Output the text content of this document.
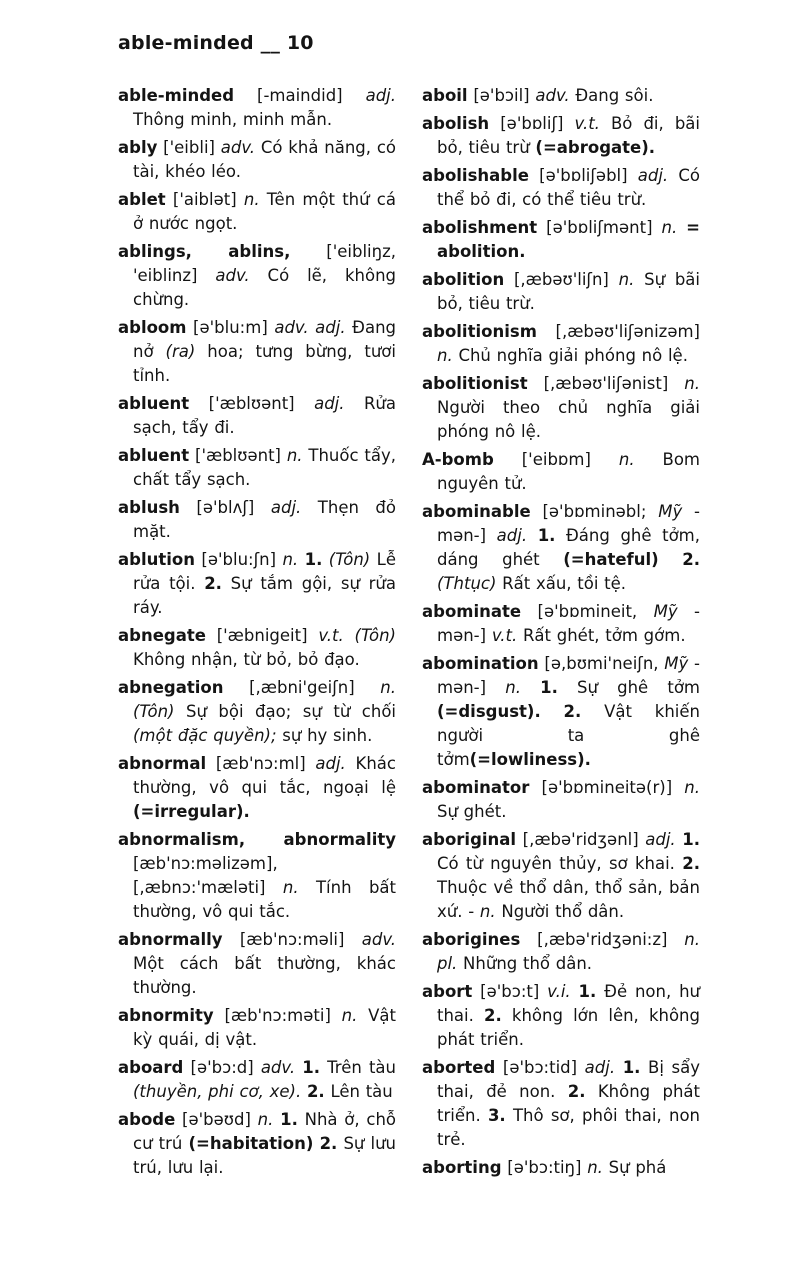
able-minded __ 10
able-minded [-maindid] adj. Thông minh, minh mẫn.
ably ['eibli] adv. Có khả năng, có tài, khéo léo.
ablet ['aiblət] n. Tên một thứ cá ở nước ngọt.
ablings, ablins, ['eibliŋz, 'eiblinz] adv. Có lẽ, không chừng.
abloom [ə'blu:m] adv. adj. Đang nở (ra) hoa; tưng bừng, tươi tỉnh.
abluent ['æblʊənt] adj. Rửa sạch, tẩy đi.
abluent ['æblʊənt] n. Thuốc tẩy, chất tẩy sạch.
ablush [ə'blʌʃ] adj. Thẹn đỏ mặt.
ablution [ə'blu:ʃn] n. 1. (Tôn) Lễ rửa tội. 2. Sự tắm gội, sự rửa ráy.
abnegate ['æbnigeit] v.t. (Tôn) Không nhận, từ bỏ, bỏ đạo.
abnegation [,æbni'geiʃn] n. (Tôn) Sự bội đạo; sự từ chối (một đặc quyền); sự hy sinh.
abnormal [æb'nɔ:ml] adj. Khác thường, vô qui tắc, ngoại lệ (=irregular).
abnormalism, abnormality [æb'nɔ:məlizəm], [,æbnɔ:'mæləti] n. Tính bất thường, vô qui tắc.
abnormally [æb'nɔ:məli] adv. Một cách bất thường, khác thường.
abnormity [æb'nɔ:məti] n. Vật kỳ quái, dị vật.
aboard [ə'bɔ:d] adv. 1. Trên tàu (thuyền, phi cơ, xe). 2. Lên tàu
abode [ə'bəʊd] n. 1. Nhà ở, chỗ cư trú (=habitation) 2. Sự lưu trú, lưu lại.
aboil [ə'bɔil] adv. Đang sôi.
abolish [ə'bɒliʃ] v.t. Bỏ đi, bãi bỏ, tiêu trừ (=abrogate).
abolishable [ə'bɒliʃəbl] adj. Có thể bỏ đi, có thể tiêu trừ.
abolishment [ə'bɒliʃmənt] n. = abolition.
abolition [,æbəʊ'liʃn] n. Sự bãi bỏ, tiêu trừ.
abolitionism [,æbəʊ'liʃənizəm] n. Chủ nghĩa giải phóng nô lệ.
abolitionist [,æbəʊ'liʃənist] n. Người theo chủ nghĩa giải phóng nô lệ.
A-bomb ['eibɒm] n. Bom nguyên tử.
abominable [ə'bɒminəbl; Mỹ -mən-] adj. 1. Đáng ghê tởm, dáng ghét (=hateful) 2. (Thtục) Rất xấu, tồi tệ.
abominate [ə'bɒmineit, Mỹ -mən-] v.t. Rất ghét, tởm gớm.
abomination [ə,bʊmi'neiʃn, Mỹ -mən-] n. 1. Sự ghê tởm (=disgust). 2. Vật khiến người ta ghê tởm(=lowliness).
abominator [ə'bɒmineitə(r)] n. Sự ghét.
aboriginal [,æbə'ridʒənl] adj. 1. Có từ nguyên thủy, sơ khai. 2. Thuộc về thổ dân, thổ sản, bản xứ. - n. Người thổ dân.
aborigines [,æbə'ridʒəni:z] n. pl. Những thổ dân.
abort [ə'bɔ:t] v.i. 1. Đẻ non, hư thai. 2. không lớn lên, không phát triển.
aborted [ə'bɔ:tid] adj. 1. Bị sẩy thai, đẻ non. 2. Không phát triển. 3. Thô sơ, phôi thai, non trẻ.
aborting [ə'bɔ:tiŋ] n. Sự phá
